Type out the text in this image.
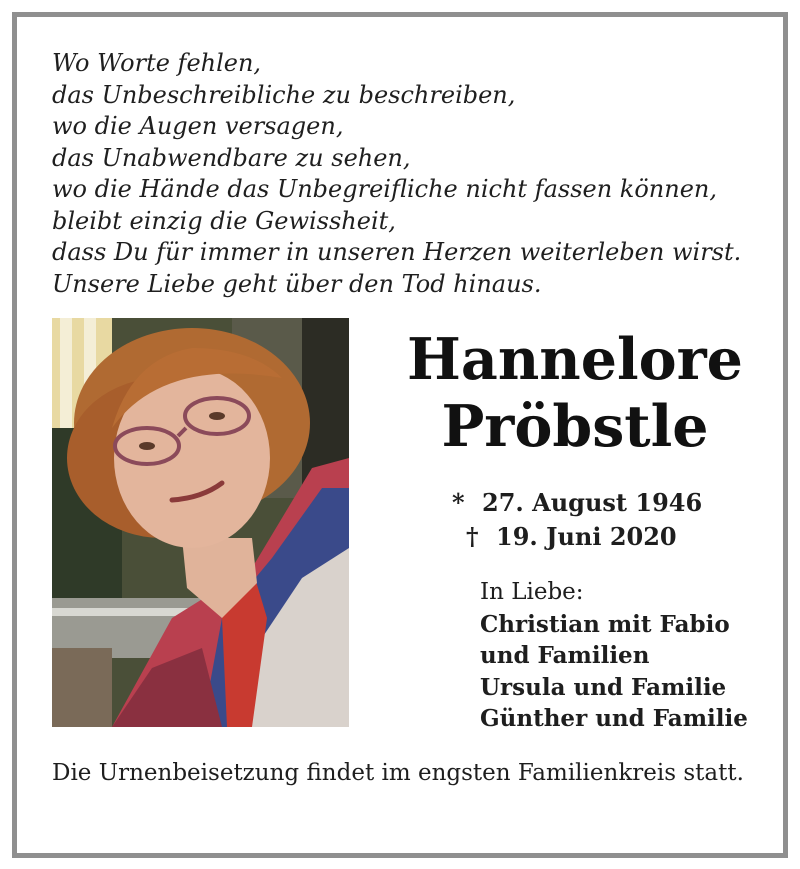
Wo Worte fehlen,
das Unbeschreibliche zu beschreiben,
wo die Augen versagen,
das Unabwendbare zu sehen,
wo die Hände das Unbegreifliche nicht fassen können,
bleibt einzig die Gewissheit,
dass Du für immer in unseren Herzen weiterleben wirst.
Unsere Liebe geht über den Tod hinaus.
Hannelore
Pröbstle
* 27. August 1946
† 19. Juni 2020
In Liebe:
Christian mit Fabio
und Familien
Ursula und Familie
Günther und Familie
Die Urnenbeisetzung findet im engsten Familienkreis statt.
